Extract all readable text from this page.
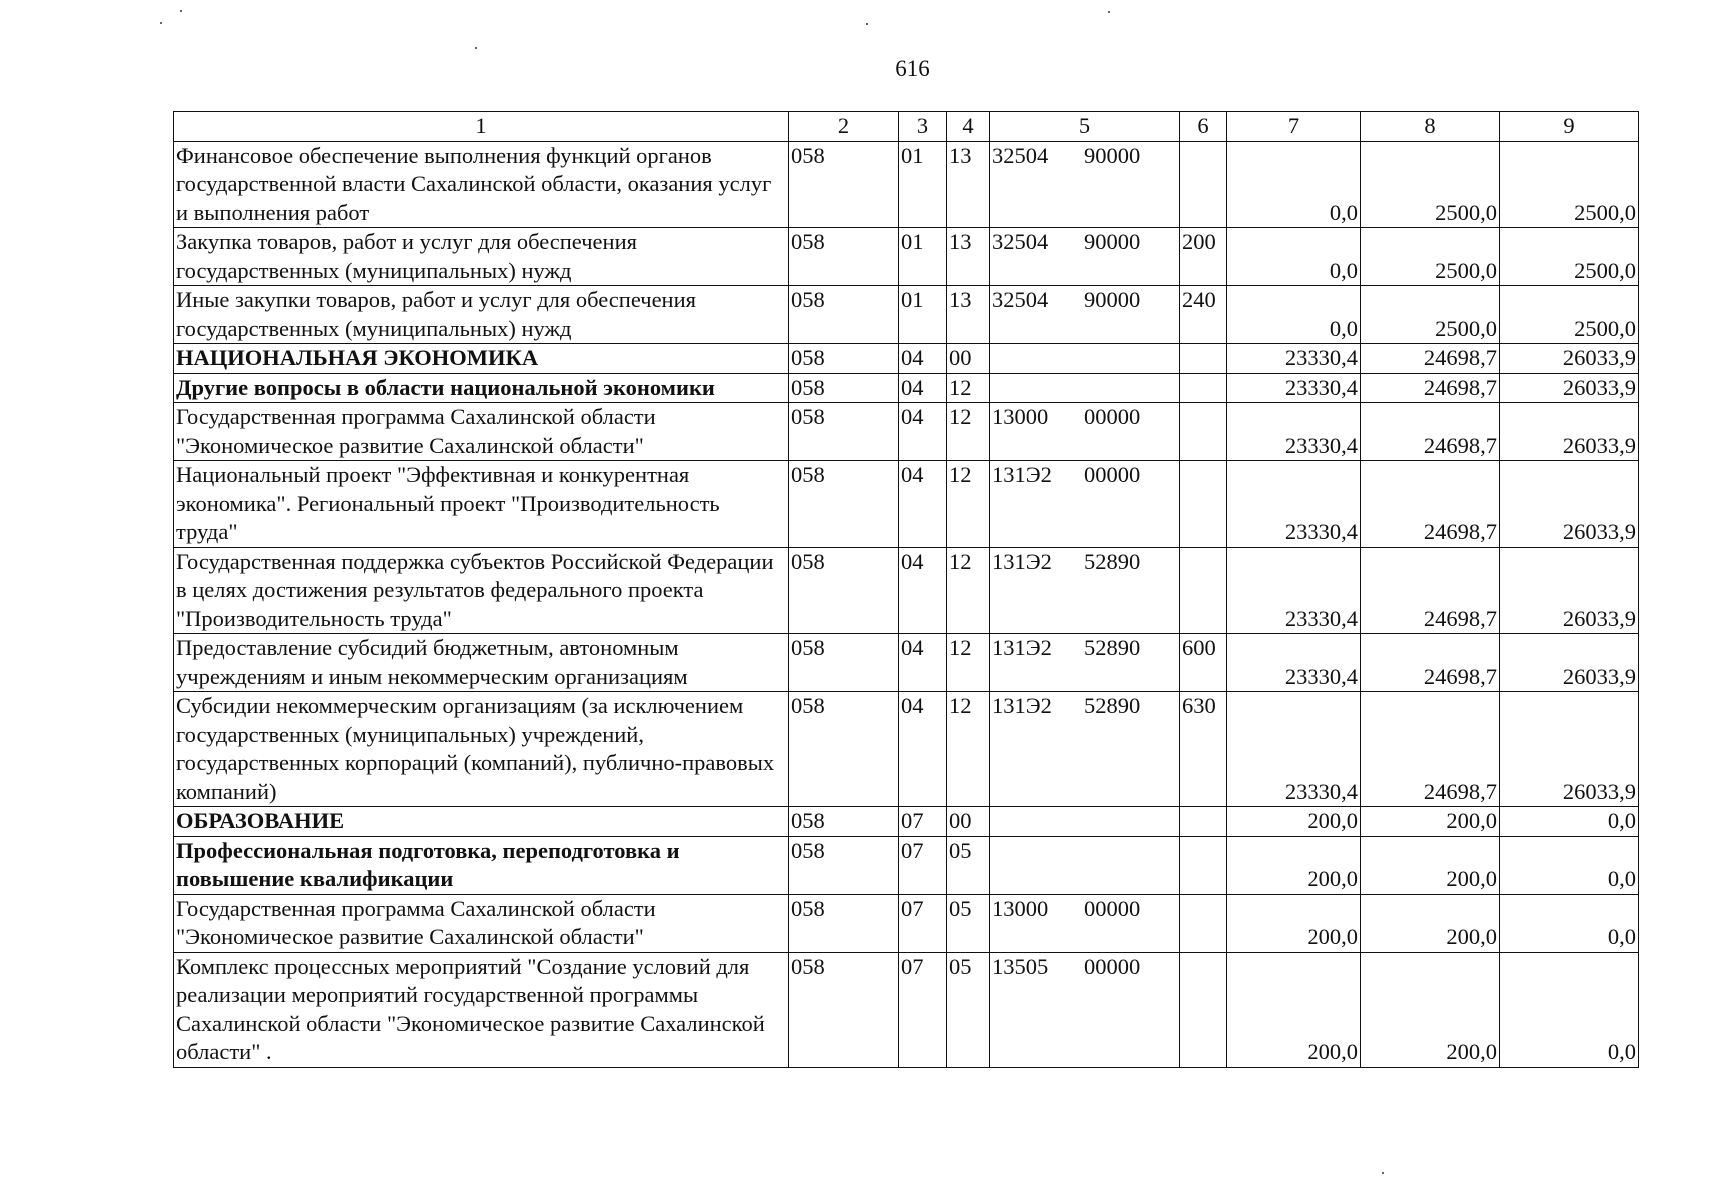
616
1	2	3	4	5	6	7	8	9
Финансовое обеспечение выполнения функций органов государственной власти Сахалинской области, оказания услуг и выполнения работ	058	01	13	32504 90000		0,0	2500,0	2500,0
Закупка товаров, работ и услуг для обеспечения государственных (муниципальных) нужд	058	01	13	32504 90000	200	0,0	2500,0	2500,0
Иные закупки товаров, работ и услуг для обеспечения государственных (муниципальных) нужд	058	01	13	32504 90000	240	0,0	2500,0	2500,0
НАЦИОНАЛЬНАЯ ЭКОНОМИКА	058	04	00			23330,4	24698,7	26033,9
Другие вопросы в области национальной экономики	058	04	12			23330,4	24698,7	26033,9
Государственная программа Сахалинской области "Экономическое развитие Сахалинской области"	058	04	12	13000 00000		23330,4	24698,7	26033,9
Национальный проект "Эффективная и конкурентная экономика". Региональный проект "Производительность труда"	058	04	12	131Э2 00000		23330,4	24698,7	26033,9
Государственная поддержка субъектов Российской Федерации в целях достижения результатов федерального проекта "Производительность труда"	058	04	12	131Э2 52890		23330,4	24698,7	26033,9
Предоставление субсидий бюджетным, автономным учреждениям и иным некоммерческим организациям	058	04	12	131Э2 52890	600	23330,4	24698,7	26033,9
Субсидии некоммерческим организациям (за исключением государственных (муниципальных) учреждений, государственных корпораций (компаний), публично-правовых компаний)	058	04	12	131Э2 52890	630	23330,4	24698,7	26033,9
ОБРАЗОВАНИЕ	058	07	00			200,0	200,0	0,0
Профессиональная подготовка, переподготовка и повышение квалификации	058	07	05			200,0	200,0	0,0
Государственная программа Сахалинской области "Экономическое развитие Сахалинской области"	058	07	05	13000 00000		200,0	200,0	0,0
Комплекс процессных мероприятий "Создание условий для реализации мероприятий государственной программы Сахалинской области "Экономическое развитие Сахалинской области" .	058	07	05	13505 00000		200,0	200,0	0,0
